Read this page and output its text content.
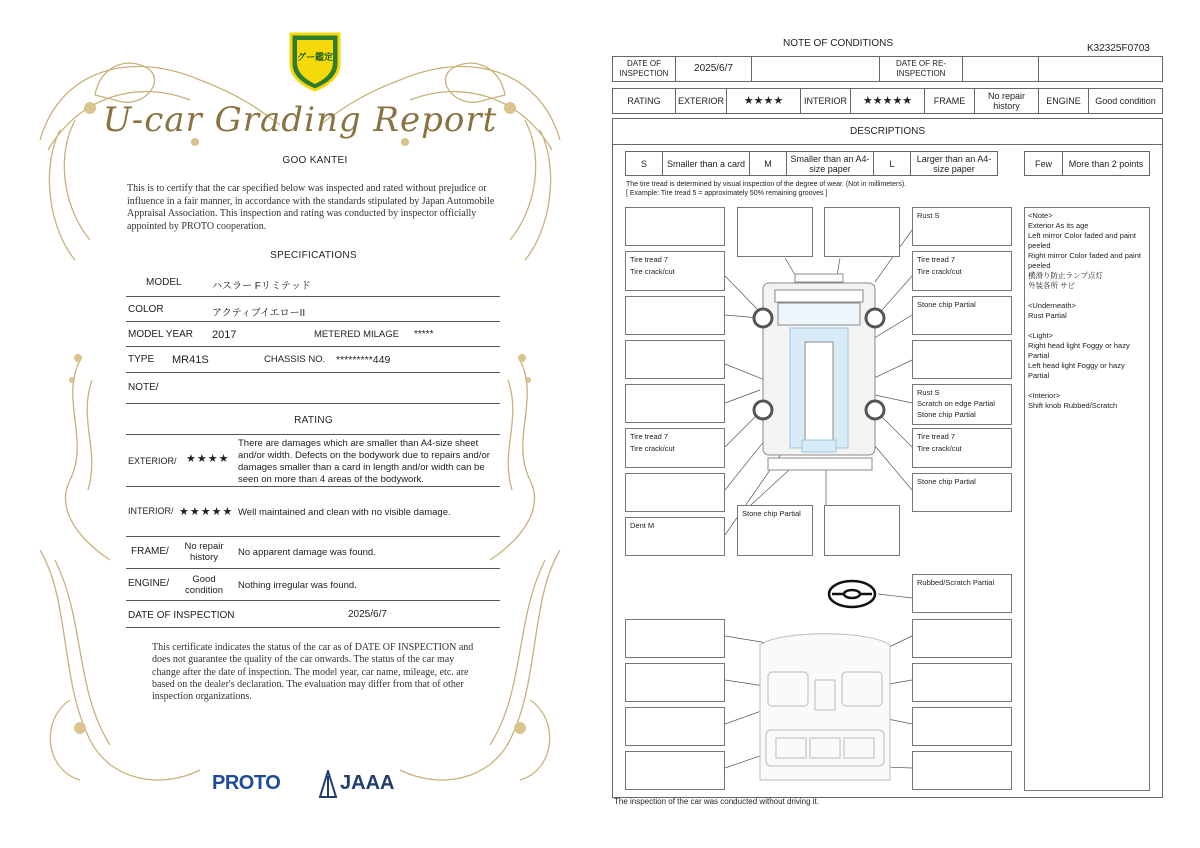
グー鑑定
U-car Grading Report
GOO KANTEI
This is to certify that the car specified below was inspected and rated without prejudice or influence in a fair manner, in accordance with the standards stipulated by Japan Automobile Appraisal Association. This inspection and rating was conducted by inspector officially appointed by PROTO cooperation.
SPECIFICATIONS
MODEL	ハスラー Fリミテッド
COLOR	アクティブイエローII
MODEL YEAR 2017	METERED MILAGE *****
TYPE MR41S	CHASSIS NO. *********449
NOTE/
RATING
EXTERIOR/ ★★★★
There are damages which are smaller than A4-size sheet and/or width. Defects on the bodywork due to repairs and/or damages smaller than a card in length and/or width can be seen on more than 4 areas of the bodywork.
INTERIOR/ ★★★★★ Well maintained and clean with no visible damage.
FRAME/	No repair history	No apparent damage was found.
ENGINE/	Good condition	Nothing irregular was found.
DATE OF INSPECTION	2025/6/7
This certificate indicates the status of the car as of DATE OF INSPECTION and does not guarantee the quality of the car onwards. The status of the car may change after the date of inspection. The model year, car name, mileage, etc. are based on the dealer's declaration. The evaluation may differ from that of other inspection organizations.
PROTO	JAAA
NOTE OF CONDITIONS	K32325F0703
DATE OF INSPECTION	2025/6/7		DATE OF RE-INSPECTION		
RATING	EXTERIOR	★★★★	INTERIOR	★★★★★	FRAME	No repair history	ENGINE	Good condition
DESCRIPTIONS
S	Smaller than a card	M	Smaller than an A4-size paper	L	Larger than an A4-size paper	Few	More than 2 points
The tire tread is determined by visual inspection of the degree of wear. (Not in millimeters).
[ Example: Tire tread 5 = approximately 50% remaining grooves ]
Tire tread 7
Tire crack/cut
Tire tread 7
Tire crack/cut
Dent M
Rust S
Tire tread 7
Tire crack/cut
Stone chip Partial
Rust S
Scratch on edge Partial
Stone chip Partial
Tire tread 7
Tire crack/cut
Stone chip Partial
Stone chip Partial
Rubbed/Scratch Partial
<Note>
Exterior As its age
Left mirror Color faded and paint peeled
Right mirror Color faded and paint peeled
横滑り防止ランプ点灯
外装各所 サビ
<Underneath>
Rust Partial
<Light>
Right head light Foggy or hazy Partial
Left head light Foggy or hazy Partial
<Interior>
Shift knob Rubbed/Scratch
The inspection of the car was conducted without driving it.
